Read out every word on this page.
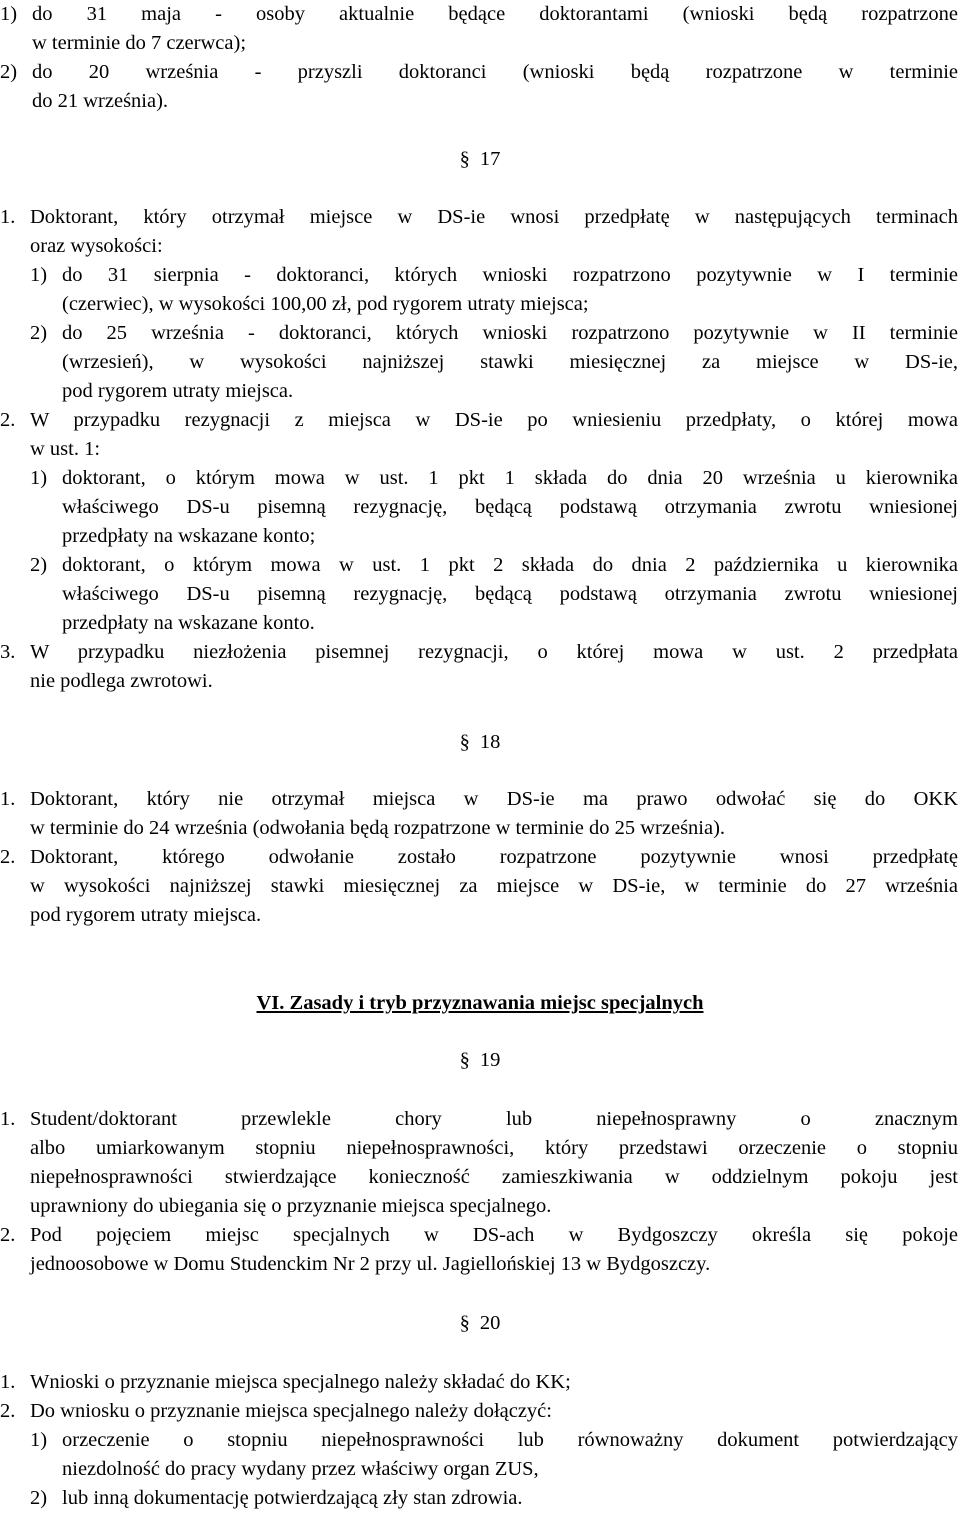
1) do 31 maja - osoby aktualnie będące doktorantami (wnioski będą rozpatrzone
w terminie do 7 czerwca);
2) do 20 września - przyszli doktoranci (wnioski będą rozpatrzone w terminie
do 21 września).
§ 17
1. Doktorant, który otrzymał miejsce w DS-ie wnosi przedpłatę w następujących terminach
oraz wysokości:
1) do 31 sierpnia - doktoranci, których wnioski rozpatrzono pozytywnie w I terminie
(czerwiec), w wysokości 100,00 zł, pod rygorem utraty miejsca;
2) do 25 września - doktoranci, których wnioski rozpatrzono pozytywnie w II terminie
(wrzesień), w wysokości najniższej stawki miesięcznej za miejsce w DS-ie,
pod rygorem utraty miejsca.
2. W przypadku rezygnacji z miejsca w DS-ie po wniesieniu przedpłaty, o której mowa
w ust. 1:
1) doktorant, o którym mowa w ust. 1 pkt 1 składa do dnia 20 września u kierownika
właściwego DS-u pisemną rezygnację, będącą podstawą otrzymania zwrotu wniesionej
przedpłaty na wskazane konto;
2) doktorant, o którym mowa w ust. 1 pkt 2 składa do dnia 2 października u kierownika
właściwego DS-u pisemną rezygnację, będącą podstawą otrzymania zwrotu wniesionej
przedpłaty na wskazane konto.
3. W przypadku niezłożenia pisemnej rezygnacji, o której mowa w ust. 2 przedpłata
nie podlega zwrotowi.
§ 18
1. Doktorant, który nie otrzymał miejsca w DS-ie ma prawo odwołać się do OKK
w terminie do 24 września (odwołania będą rozpatrzone w terminie do 25 września).
2. Doktorant, którego odwołanie zostało rozpatrzone pozytywnie wnosi przedpłatę
w wysokości najniższej stawki miesięcznej za miejsce w DS-ie, w terminie do 27 września
pod rygorem utraty miejsca.
VI. Zasady i tryb przyznawania miejsc specjalnych
§ 19
1. Student/doktorant przewlekle chory lub niepełnosprawny o znacznym
albo umiarkowanym stopniu niepełnosprawności, który przedstawi orzeczenie o stopniu
niepełnosprawności stwierdzające konieczność zamieszkiwania w oddzielnym pokoju jest
uprawniony do ubiegania się o przyznanie miejsca specjalnego.
2. Pod pojęciem miejsc specjalnych w DS-ach w Bydgoszczy określa się pokoje
jednoosobowe w Domu Studenckim Nr 2 przy ul. Jagiellońskiej 13 w Bydgoszczy.
§ 20
1. Wnioski o przyznanie miejsca specjalnego należy składać do KK;
2. Do wniosku o przyznanie miejsca specjalnego należy dołączyć:
1) orzeczenie o stopniu niepełnosprawności lub równoważny dokument potwierdzający
niezdolność do pracy wydany przez właściwy organ ZUS,
2) lub inną dokumentację potwierdzającą zły stan zdrowia.
